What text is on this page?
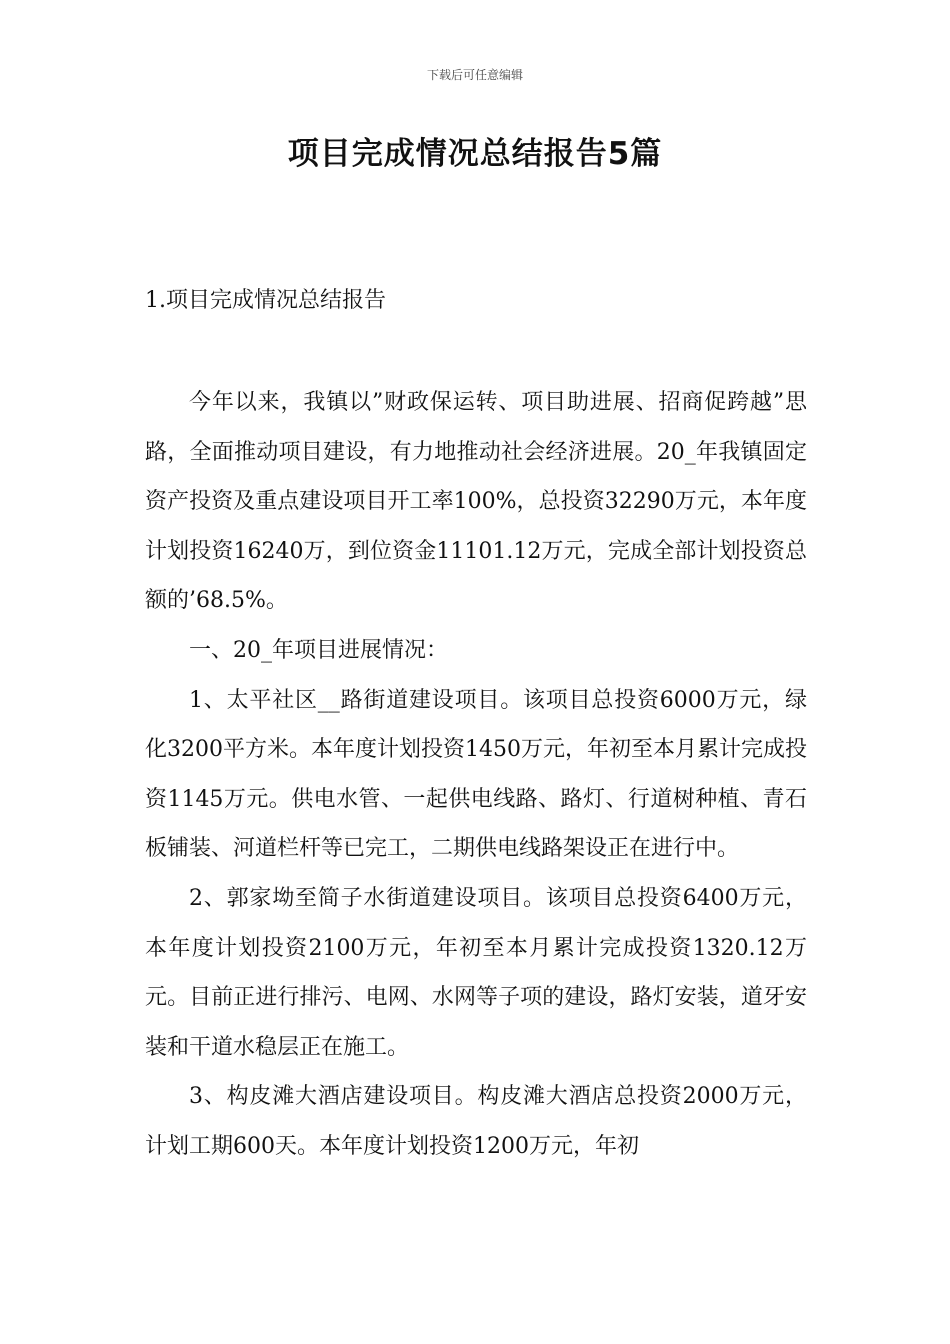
下载后可任意编辑
项目完成情况总结报告5篇
1.项目完成情况总结报告

今年以来，我镇以”财政保运转、项目助进展、招商促跨越”思路，全面推动项目建设，有力地推动社会经济进展。20_年我镇固定资产投资及重点建设项目开工率100%，总投资32290万元，本年度计划投资16240万，到位资金11101.12万元，完成全部计划投资总额的’68.5%。

一、20_年项目进展情况：

1、太平社区__路街道建设项目。该项目总投资6000万元，绿化3200平方米。本年度计划投资1450万元，年初至本月累计完成投资1145万元。供电水管、一起供电线路、路灯、行道树种植、青石板铺装、河道栏杆等已完工，二期供电线路架设正在进行中。

2、郭家坳至简子水街道建设项目。该项目总投资6400万元，本年度计划投资2100万元，年初至本月累计完成投资1320.12万元。目前正进行排污、电网、水网等子项的建设，路灯安装，道牙安装和干道水稳层正在施工。

3、构皮滩大酒店建设项目。构皮滩大酒店总投资2000万元，计划工期600天。本年度计划投资1200万元，年初
